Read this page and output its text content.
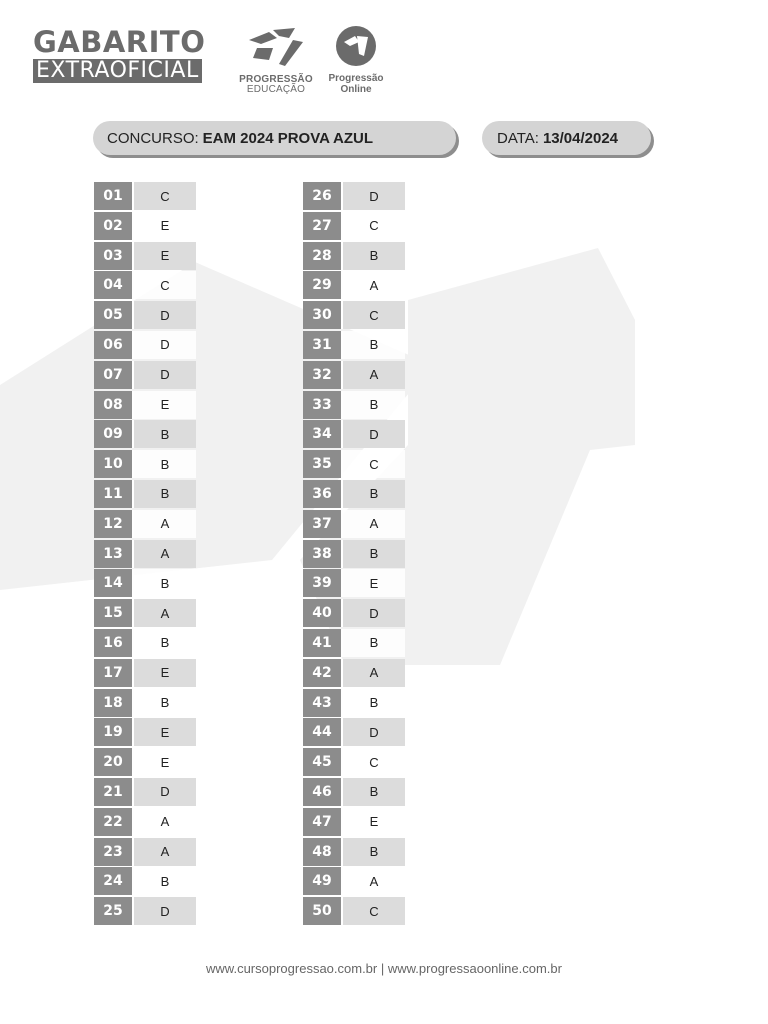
GABARITO
EXTRAOFICIAL	PROGRESSÃO
EDUCAÇÃO
Progressão
Online
CONCURSO: EAM 2024 PROVA AZUL	DATA: 13/04/2024
01	C
02	E
03	E
04	C
05	D
06	D
07	D
08	E
09	B
10	B
11	B
12	A
13	A
14	B
15	A
16	B
17	E
18	B
19	E
20	E
21	D
22	A
23	A
24	B
25	D
26	D
27	C
28	B
29	A
30	C
31	B
32	A
33	B
34	D
35	C
36	B
37	A
38	B
39	E
40	D
41	B
42	A
43	B
44	D
45	C
46	B
47	E
48	B
49	A
50	C
www.cursoprogressao.com.br | www.progressaoonline.com.br
